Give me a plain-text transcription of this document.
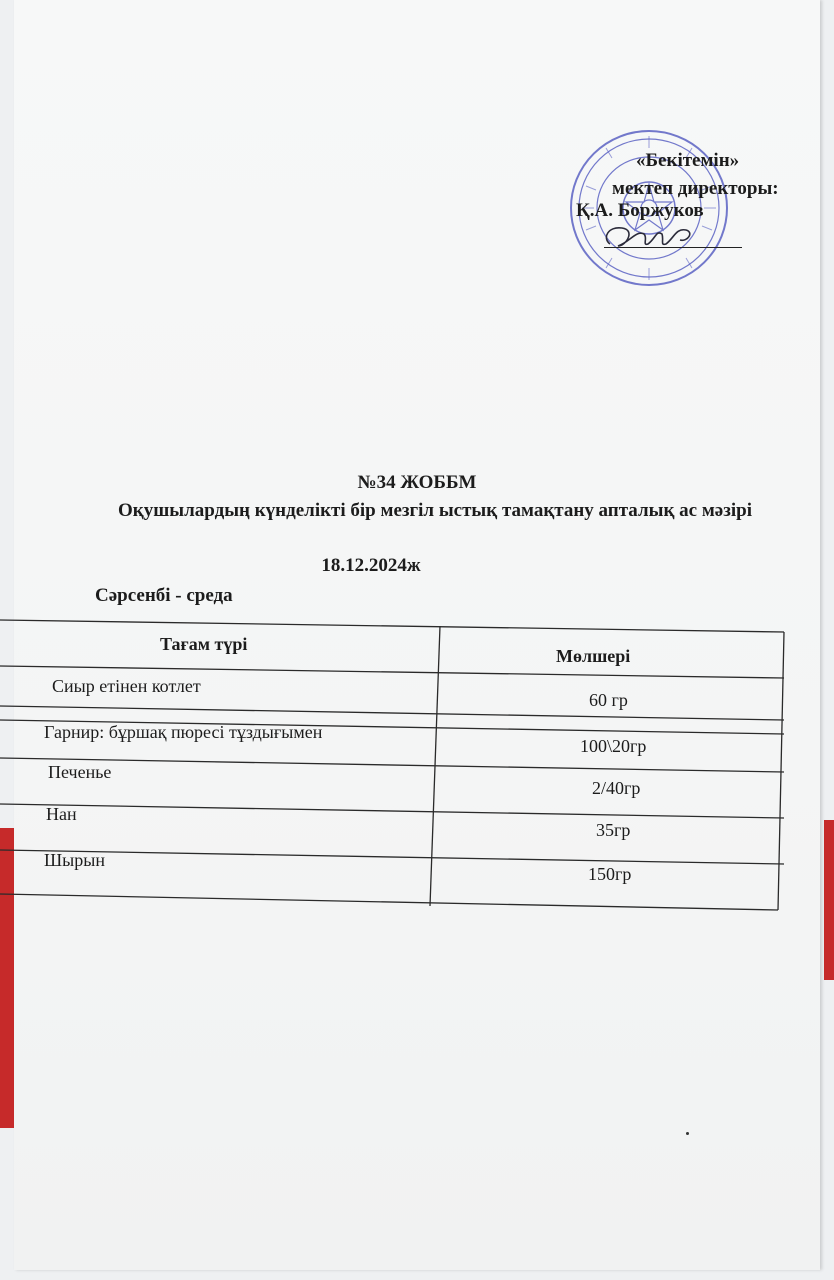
«Бекітемін»
мектеп директоры:
Қ.А. Боржуков
№34 ЖОББМ
Оқушылардың күнделікті бір мезгіл ыстық тамақтану апталық ас мәзірі
18.12.2024ж
Сәрсенбі - среда
Тағам түрі
Мөлшері
Сиыр етінен котлет
60 гр
Гарнир: бұршақ пюресі тұздығымен
100\20гр
Печенье
2/40гр
Нан
35гр
Шырын
150гр
